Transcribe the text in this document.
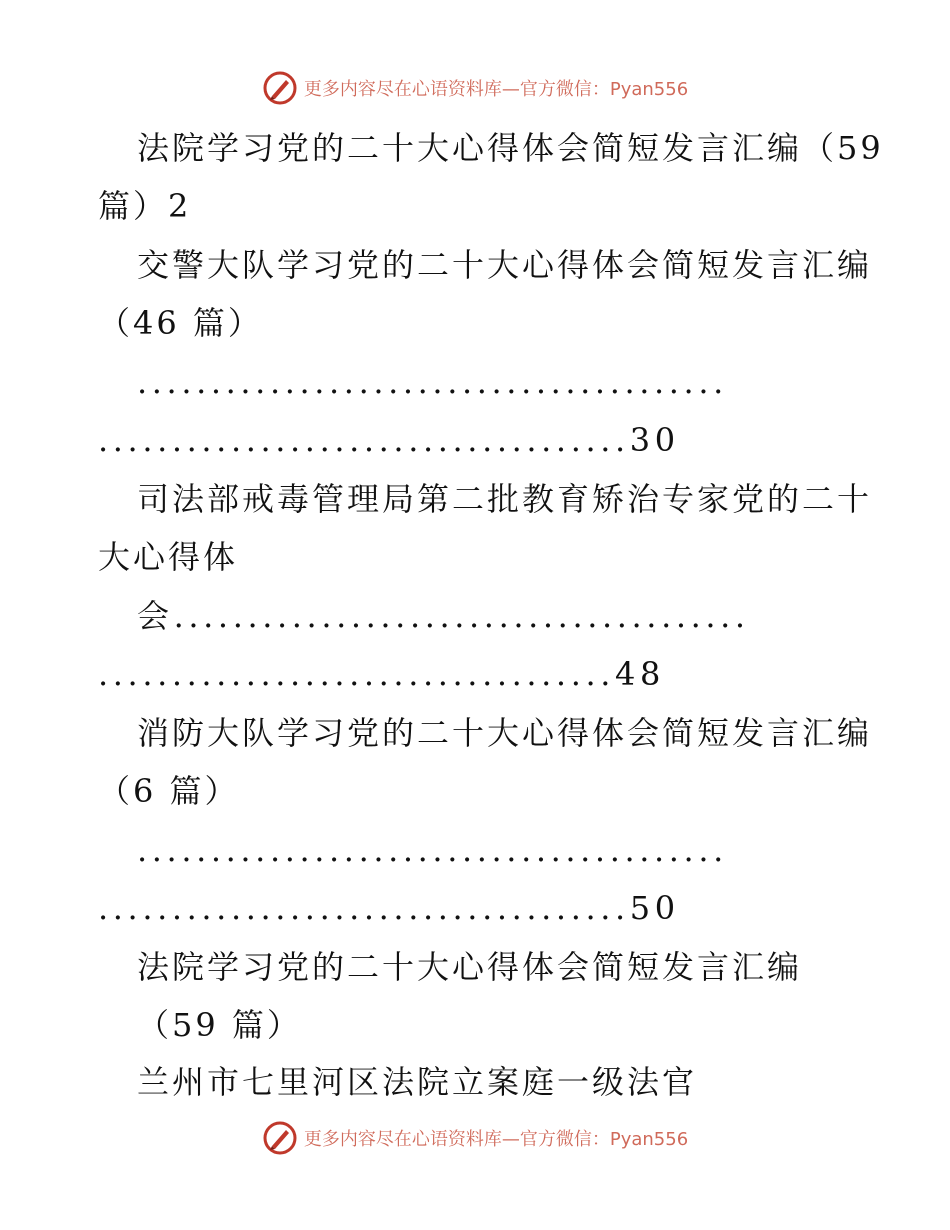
更多内容尽在心语资料库—官方微信：Pyan556

法院学习党的二十大心得体会简短发言汇编（59

篇）2

交警大队学习党的二十大心得体会简短发言汇编

（46 篇）

........................................

....................................30

司法部戒毒管理局第二批教育矫治专家党的二十

大心得体

会.......................................

...................................48

消防大队学习党的二十大心得体会简短发言汇编

（6 篇）

........................................

....................................50

法院学习党的二十大心得体会简短发言汇编

（59 篇）

兰州市七里河区法院立案庭一级法官

更多内容尽在心语资料库—官方微信：Pyan556
